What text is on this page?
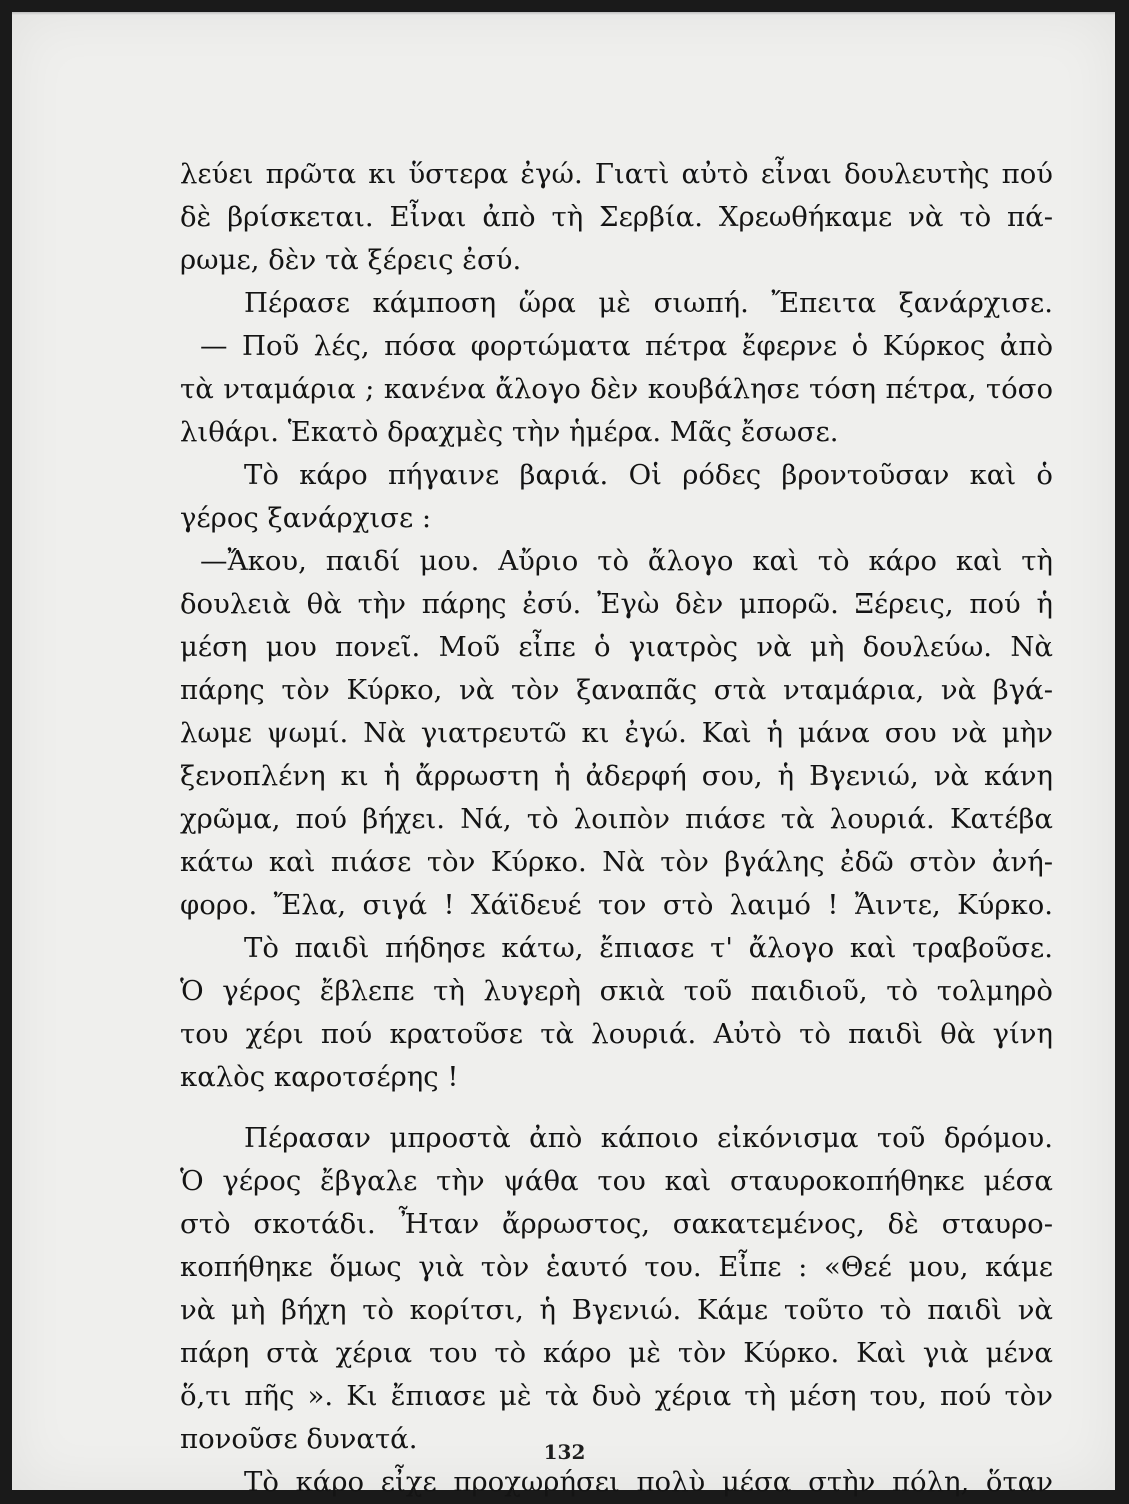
λεύει πρῶτα κι ὕστερα ἐγώ. Γιατὶ αὐτὸ εἶναι δουλευτὴς πού
δὲ βρίσκεται. Εἶναι ἀπὸ τὴ Σερβία. Χρεωθήκαμε νὰ τὸ πά-
ρωμε, δὲν τὰ ξέρεις ἐσύ.
Πέρασε κάμποση ὥρα μὲ σιωπή. Ἔπειτα ξανάρχισε.
— Ποῦ λές, πόσα φορτώματα πέτρα ἔφερνε ὁ Κύρκος ἀπὸ
τὰ νταμάρια ; κανένα ἄλογο δὲν κουβάλησε τόση πέτρα, τόσο
λιθάρι. Ἑκατὸ δραχμὲς τὴν ἡμέρα. Μᾶς ἔσωσε.
Τὸ κάρο πήγαινε βαριά. Οἱ ρόδες βροντοῦσαν καὶ ὁ
γέρος ξανάρχισε :
—Ἄκου, παιδί μου. Αὔριο τὸ ἄλογο καὶ τὸ κάρο καὶ τὴ
δουλειὰ θὰ τὴν πάρης ἐσύ. Ἐγὼ δὲν μπορῶ. Ξέρεις, πού ἡ
μέση μου πονεῖ. Μοῦ εἶπε ὁ γιατρὸς νὰ μὴ δουλεύω. Νὰ
πάρης τὸν Κύρκο, νὰ τὸν ξαναπᾶς στὰ νταμάρια, νὰ βγά-
λωμε ψωμί. Νὰ γιατρευτῶ κι ἐγώ. Καὶ ἡ μάνα σου νὰ μὴν
ξενοπλένη κι ἡ ἄρρωστη ἡ ἀδερφή σου, ἡ Βγενιώ, νὰ κάνη
χρῶμα, πού βήχει. Νά, τὸ λοιπὸν πιάσε τὰ λουριά. Κατέβα
κάτω καὶ πιάσε τὸν Κύρκο. Νὰ τὸν βγάλης ἐδῶ στὸν ἀνή-
φορο. Ἔλα, σιγά ! Χάϊδευέ τον στὸ λαιμό ! Ἄιντε, Κύρκο.
Τὸ παιδὶ πήδησε κάτω, ἔπιασε τ' ἄλογο καὶ τραβοῦσε.
Ὁ γέρος ἔβλεπε τὴ λυγερὴ σκιὰ τοῦ παιδιοῦ, τὸ τολμηρὸ
του χέρι πού κρατοῦσε τὰ λουριά. Αὐτὸ τὸ παιδὶ θὰ γίνη
καλὸς καροτσέρης !
Πέρασαν μπροστὰ ἀπὸ κάποιο εἰκόνισμα τοῦ δρόμου.
Ὁ γέρος ἔβγαλε τὴν ψάθα του καὶ σταυροκοπήθηκε μέσα
στὸ σκοτάδι. Ἦταν ἄρρωστος, σακατεμένος, δὲ σταυρο-
κοπήθηκε ὅμως γιὰ τὸν ἑαυτό του. Εἶπε : «Θεέ μου, κάμε
νὰ μὴ βήχη τὸ κορίτσι, ἡ Βγενιώ. Κάμε τοῦτο τὸ παιδὶ νὰ
πάρη στὰ χέρια του τὸ κάρο μὲ τὸν Κύρκο. Καὶ γιὰ μένα
ὅ,τι πῆς ». Κι ἔπιασε μὲ τὰ δυὸ χέρια τὴ μέση του, πού τὸν
πονοῦσε δυνατά.
Τὸ κάρο εἶχε προχωρήσει πολὺ μέσα στὴν πόλη, ὅταν
132
